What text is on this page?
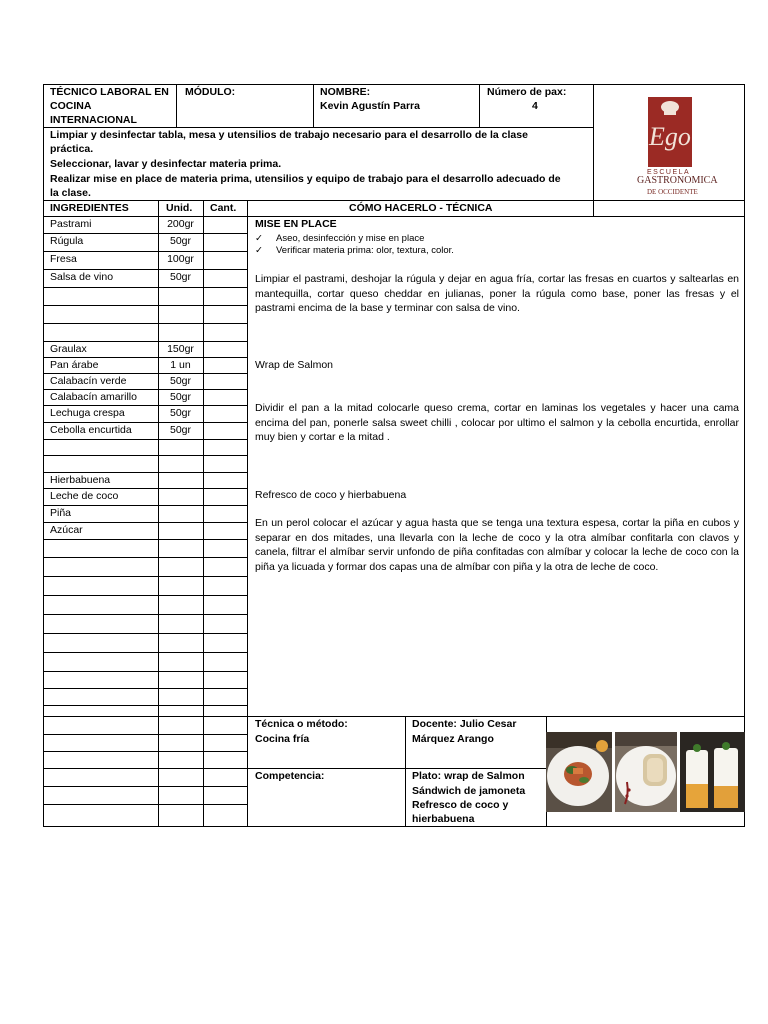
TÉCNICO LABORAL EN
COCINA
INTERNACIONAL
MÓDULO:	NOMBRE:
Kevin Agustín Parra
Número de pax:
4
Ego
ESCUELA
GASTRONOMICA
DE OCCIDENTE
Limpiar y desinfectar tabla, mesa y utensilios de trabajo necesario para el desarrollo de la clase
práctica.
Seleccionar, lavar y desinfectar materia prima.
Realizar mise en place de materia prima, utensilios y equipo de trabajo para el desarrollo adecuado de
la clase.
INGREDIENTES	Unid. Cant.	CÓMO HACERLO - TÉCNICA
MISE EN PLACE
✓ Aseo, desinfección y mise en place
✓ Verificar materia prima: olor, textura, color.
Limpiar el pastrami, deshojar la rúgula y dejar en agua fría, cortar las fresas en cuartos y saltearlas en mantequilla, cortar queso cheddar en julianas, poner la rúgula como base, poner las fresas y el pastrami encima de la base y terminar con salsa de vino.
Wrap de Salmon
Dividir el pan a la mitad colocarle queso crema, cortar en laminas los vegetales y hacer una cama encima del pan, ponerle salsa sweet chilli , colocar por ultimo el salmon y la cebolla encurtida, enrollar muy bien y cortar e la mitad .
Refresco de coco y hierbabuena
En un perol colocar el azúcar y agua hasta que se tenga una textura espesa, cortar la piña en cubos y separar en dos mitades, una llevarla con la leche de coco y la otra almíbar confitarla con clavos y canela, filtrar el almíbar servir unfondo de piña confitadas con almíbar y colocar la leche de coco con la piña ya licuada y formar dos capas una de almíbar con piña y la otra de leche de coco.
Técnica o método:
Cocina fría
Docente: Julio Cesar
Márquez Arango
Competencia:	Plato: wrap de Salmon
Sándwich de jamoneta
Refresco de coco y
hierbabuena
Pastrami	200gr
Rúgula	50gr
Fresa	100gr
Salsa de vino	50gr
Graulax	150gr
Pan árabe	1 un
Calabacín verde	50gr
Calabacín amarillo	50gr
Lechuga crespa	50gr
Cebolla encurtida	50gr
Hierbabuena
Leche de coco
Piña
Azúcar
